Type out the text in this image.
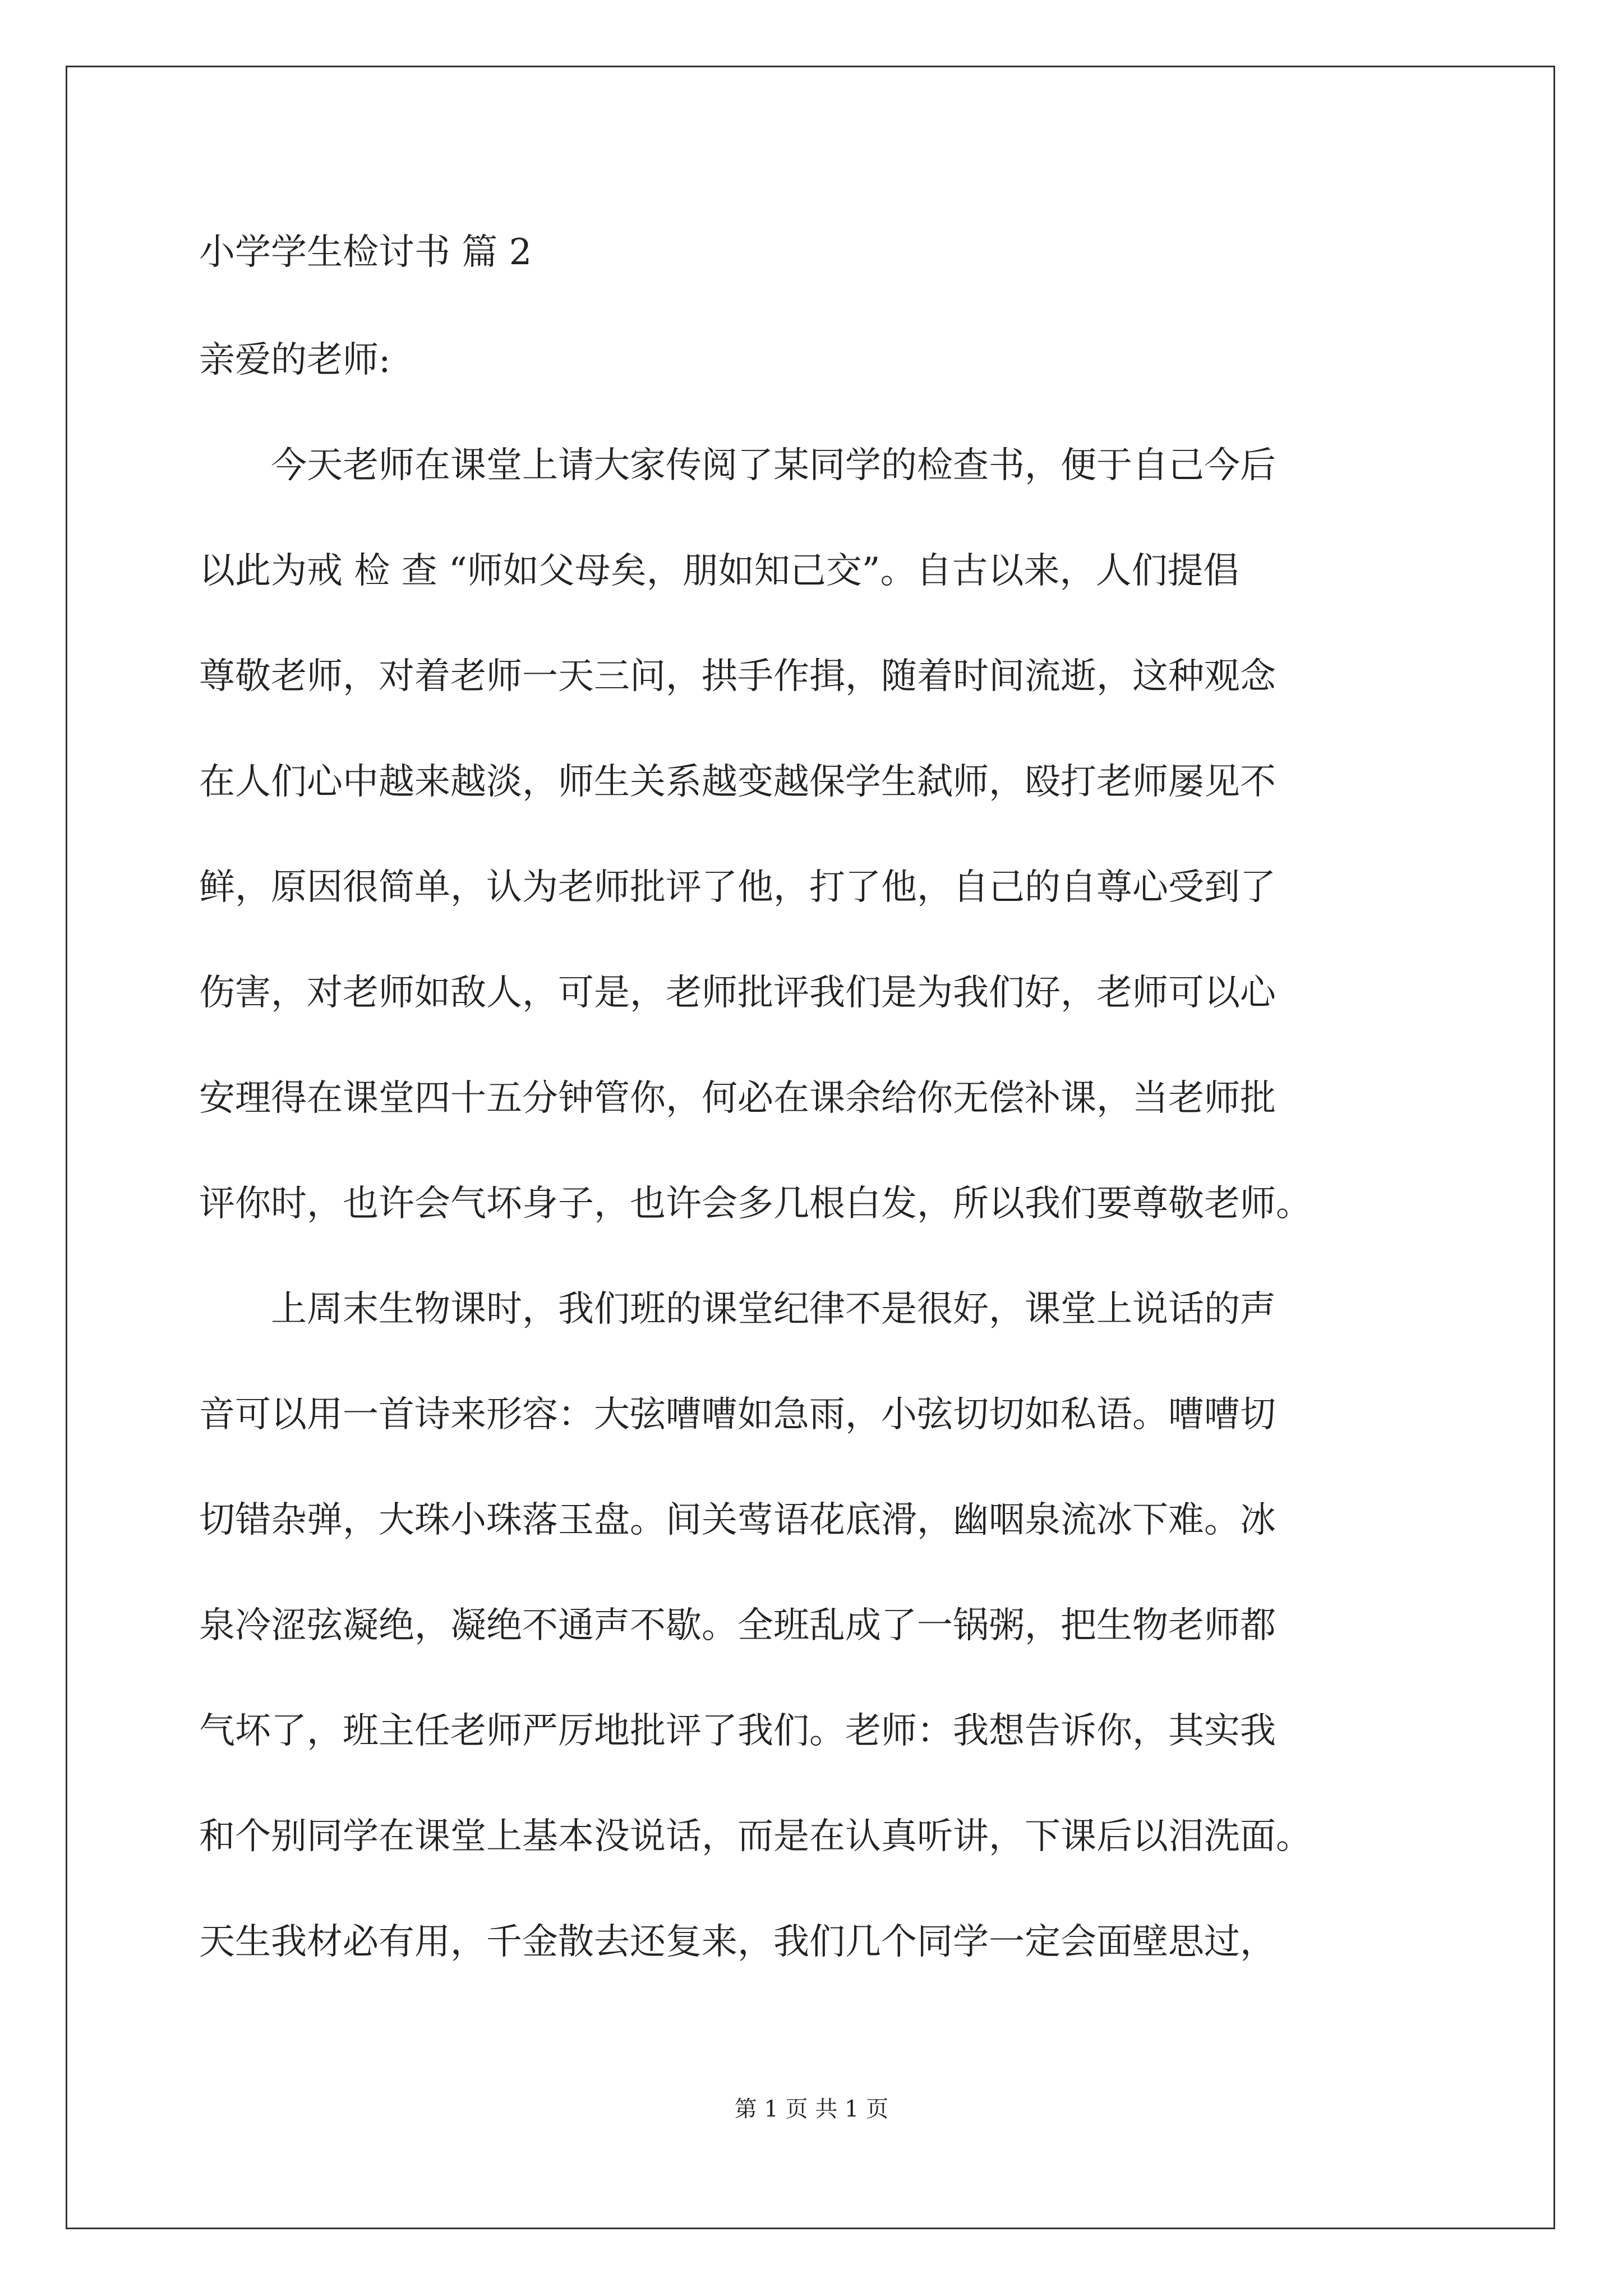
小学学生检讨书 篇 2
亲爱的老师:
　　今天老师在课堂上请大家传阅了某同学的检查书，便于自己今后
以此为戒 检 查 “师如父母矣，朋如知己交”。自古以来，人们提倡
尊敬老师，对着老师一天三问，拱手作揖，随着时间流逝，这种观念
在人们心中越来越淡，师生关系越变越保学生弑师，殴打老师屡见不
鲜，原因很简单，认为老师批评了他，打了他，自己的自尊心受到了
伤害，对老师如敌人，可是，老师批评我们是为我们好，老师可以心
安理得在课堂四十五分钟管你，何必在课余给你无偿补课，当老师批
评你时，也许会气坏身子，也许会多几根白发，所以我们要尊敬老师。
　　上周末生物课时，我们班的课堂纪律不是很好，课堂上说话的声
音可以用一首诗来形容：大弦嘈嘈如急雨，小弦切切如私语。嘈嘈切
切错杂弹，大珠小珠落玉盘。间关莺语花底滑，幽咽泉流冰下难。冰
泉冷涩弦凝绝，凝绝不通声不歇。全班乱成了一锅粥，把生物老师都
气坏了，班主任老师严厉地批评了我们。老师：我想告诉你，其实我
和个别同学在课堂上基本没说话，而是在认真听讲，下课后以泪洗面。
天生我材必有用，千金散去还复来，我们几个同学一定会面壁思过，
第 1 页 共 1 页
